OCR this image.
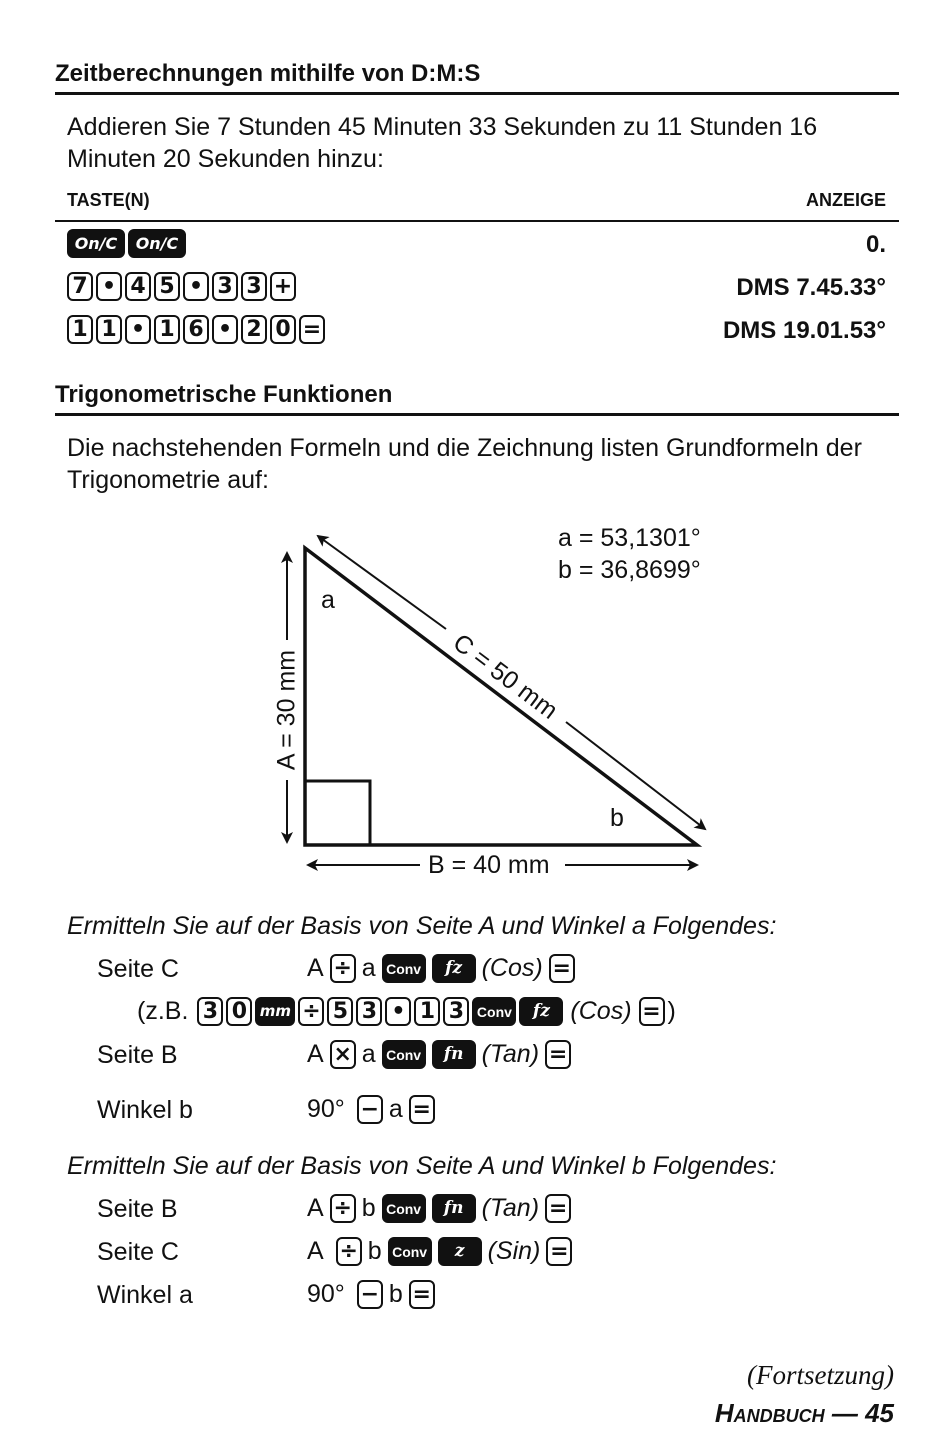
Zeitberechnungen mithilfe von D:M:S
Addieren Sie 7 Stunden 45 Minuten 33 Sekunden zu 11 Stunden 16
Minuten 20 Sekunden hinzu:
TASTE(N)	ANZEIGE
On/C	On/C	0.
7 • 4 5 • 3 3 +	DMS 7.45.33°
1 1 • 1 6 • 2 0 =	DMS 19.01.53°
Trigonometrische Funktionen
Die nachstehenden Formeln und die Zeichnung listen Grundformeln der
Trigonometrie auf:
a = 53,1301°
b = 36,8699°
a
b
B = 40 mm
A = 30 mm	C = 50 mm
Ermitteln Sie auf der Basis von Seite A und Winkel a Folgendes:
Seite C	A ÷ a Conv	fz (Cos) =
(z.B. 3 0 mm ÷ 5 3 • 1 3 Conv	fz (Cos) = )
Seite B	A × a Conv	fn (Tan) =
Winkel b	90° − a =
Ermitteln Sie auf der Basis von Seite A und Winkel b Folgendes:
Seite B	A ÷ b Conv	fn (Tan) =
Seite C	A ÷ b Conv	z (Sin) =
Winkel a	90° − b =
(Fortsetzung)
Handbuch — 45
